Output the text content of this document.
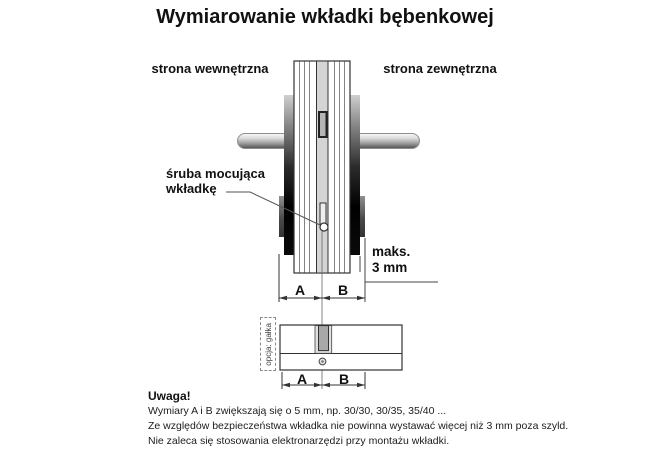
Wymiarowanie wkładki bębenkowej
strona wewnętrzna	strona zewnętrzna
śruba mocująca
wkładkę
maks.
3 mm
A	B
A	B
opcja: gałka
Uwaga!
Wymiary A i B zwiększają się o 5 mm, np. 30/30, 30/35, 35/40 ...
Ze względów bezpieczeństwa wkładka nie powinna wystawać więcej niż 3 mm poza szyld.
Nie zaleca się stosowania elektronarzędzi przy montażu wkładki.
